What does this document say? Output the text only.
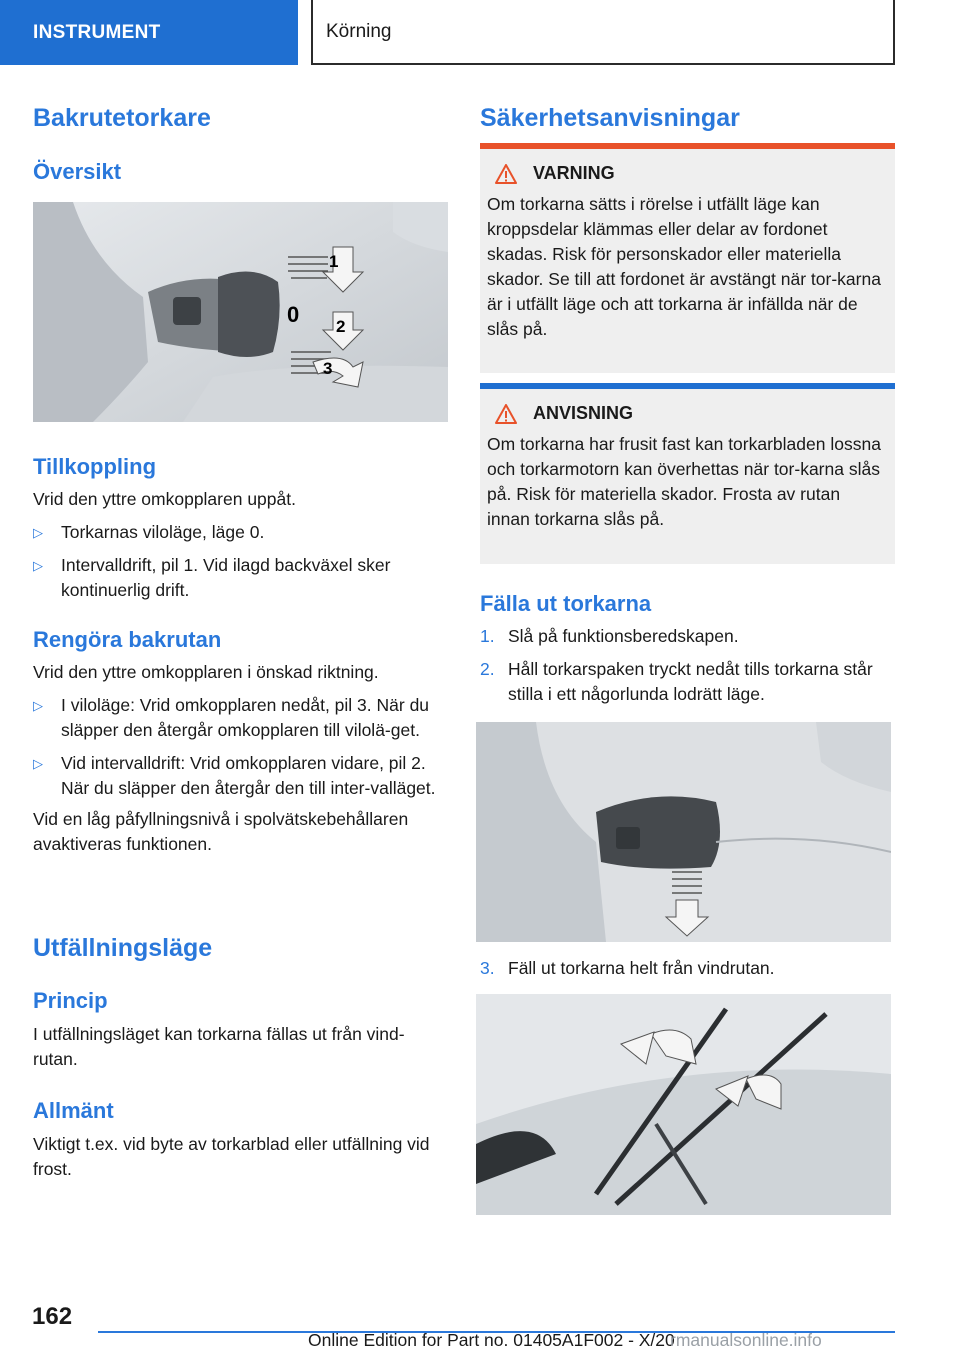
INSTRUMENT	Körning
Bakrutetorkare
Översikt
1
0 2
3
Tillkoppling

Vrid den yttre omkopplaren uppåt.

▷ Torkarnas viloläge, läge 0.
▷ Intervalldrift, pil 1. Vid ilagd backväxel sker kontinuerlig drift.
Rengöra bakrutan

Vrid den yttre omkopplaren i önskad riktning.

▷ I viloläge: Vrid omkopplaren nedåt, pil 3. När du släpper den återgår omkopplaren till vilolä-get.
▷ Vid intervalldrift: Vrid omkopplaren vidare, pil 2. När du släpper den återgår den till inter-valläget.

Vid en låg påfyllningsnivå i spolvätskebehållaren avaktiveras funktionen.

Utfällningsläge
Princip

I utfällningsläget kan torkarna fällas ut från vind-rutan.

Allmänt

Viktigt t.ex. vid byte av torkarblad eller utfällning vid frost.

Säkerhetsanvisningar
VARNING

Om torkarna sätts i rörelse i utfällt läge kan kroppsdelar klämmas eller delar av fordonet skadas. Risk för personskador eller materiella skador. Se till att fordonet är avstängt när tor-karna är i utfällt läge och att torkarna är infällda när de slås på.

ANVISNING

Om torkarna har frusit fast kan torkarbladen lossna och torkarmotorn kan överhettas när tor-karna slås på. Risk för materiella skador. Frosta av rutan innan torkarna slås på.

Fälla ut torkarna
1. Slå på funktionsberedskapen.
2. Håll torkarspaken tryckt nedåt tills torkarna står stilla i ett någorlunda lodrätt läge.
3. Fäll ut torkarna helt från vindrutan.
162
Online Edition for Part no. 01405A1F002 - X/20
rmanualsonline.info
